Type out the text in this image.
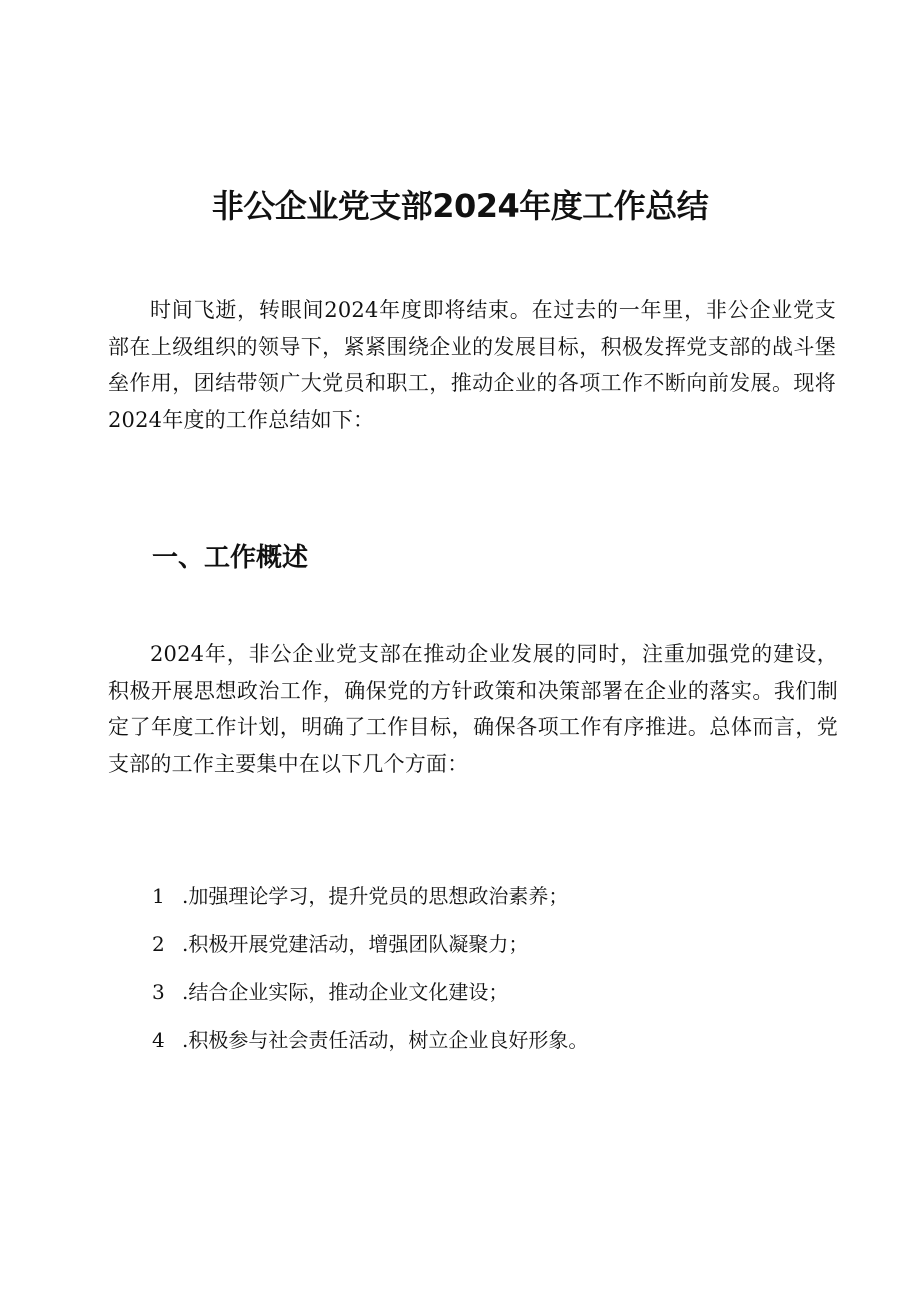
非公企业党支部2024年度工作总结

时间飞逝，转眼间2024年度即将结束。在过去的一年里，非公企业党支部在上级组织的领导下，紧紧围绕企业的发展目标，积极发挥党支部的战斗堡垒作用，团结带领广大党员和职工，推动企业的各项工作不断向前发展。现将2024年度的工作总结如下：

一、工作概述

2024年，非公企业党支部在推动企业发展的同时，注重加强党的建设，积极开展思想政治工作，确保党的方针政策和决策部署在企业的落实。我们制定了年度工作计划，明确了工作目标，确保各项工作有序推进。总体而言，党支部的工作主要集中在以下几个方面：

1 .加强理论学习，提升党员的思想政治素养；
2 .积极开展党建活动，增强团队凝聚力；
3 .结合企业实际，推动企业文化建设；
4 .积极参与社会责任活动，树立企业良好形象。
